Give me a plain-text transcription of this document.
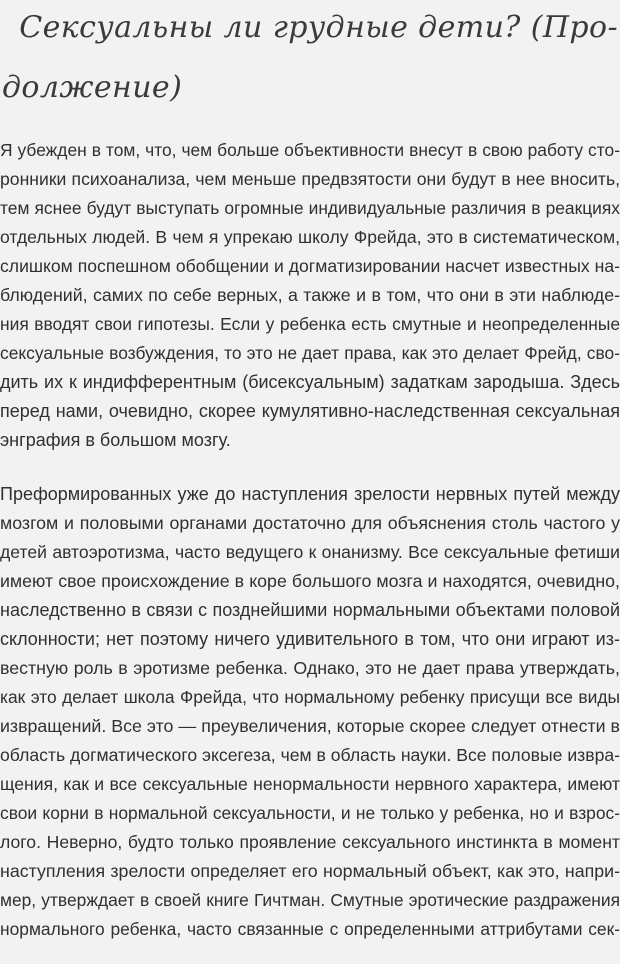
Сексуальны ли грудные дети? (Про-
должение)

Я убежден в том, что, чем больше объективности внесут в свою работу сто-

ронники психоанализа, чем меньше предвзятости они будут в нее вносить,

тем яснее будут выступать огромные индивидуальные различия в реакциях

отдельных людей. В чем я упрекаю школу Фрейда, это в систематическом,

слишком поспешном обобщении и догматизировании насчет известных на-

блюдений, самих по себе верных, а также и в том, что они в эти наблюде-

ния вводят свои гипотезы. Если у ребенка есть смутные и неопределенные

сексуальные возбуждения, то это не дает права, как это делает Фрейд, сво-

дить их к индифферентным (бисексуальным) задаткам зародыша. Здесь

перед нами, очевидно, скорее кумулятивно-наследственная сексуальная

энграфия в большом мозгу.

Преформированных уже до наступления зрелости нервных путей между

мозгом и половыми органами достаточно для объяснения столь частого у

детей автоэротизма, часто ведущего к онанизму. Все сексуальные фетиши

имеют свое происхождение в коре большого мозга и находятся, очевидно,

наследственно в связи с позднейшими нормальными объектами половой

склонности; нет поэтому ничего удивительного в том, что они играют из-

вестную роль в эротизме ребенка. Однако, это не дает права утверждать,

как это делает школа Фрейда, что нормальному ребенку присущи все виды

извращений. Все это — преувеличения, которые скорее следует отнести в

область догматического эксегеза, чем в область науки. Все половые извра-

щения, как и все сексуальные ненормальности нервного характера, имеют

свои корни в нормальной сексуальности, и не только у ребенка, но и взрос-

лого. Неверно, будто только проявление сексуального инстинкта в момент

наступления зрелости определяет его нормальный объект, как это, напри-

мер, утверждает в своей книге Гичтман. Смутные эротические раздражения

нормального ребенка, часто связанные с определенными аттрибутами сек-
